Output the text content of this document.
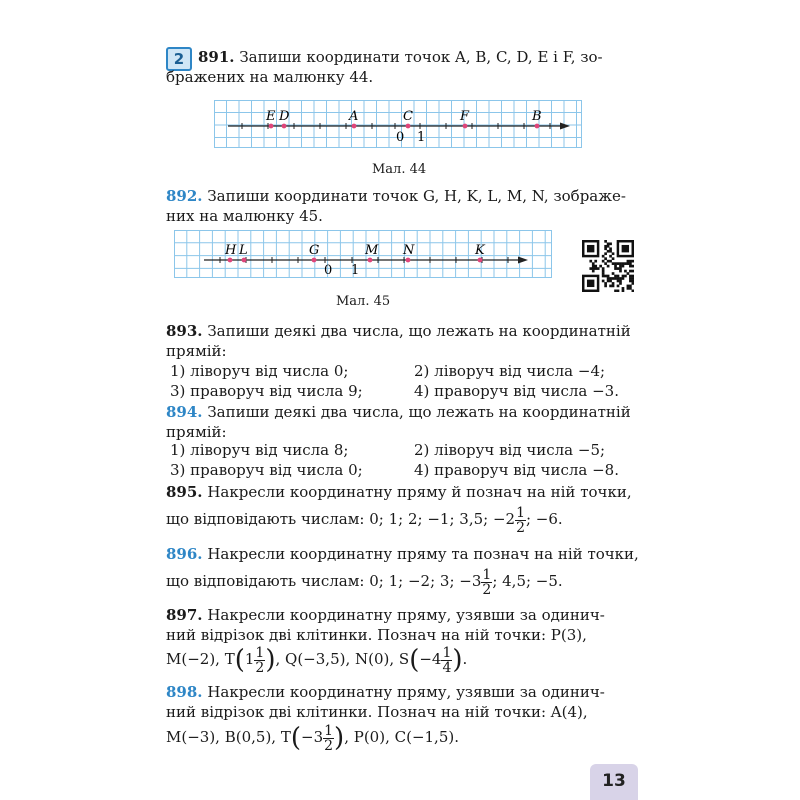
2 891. Запиши координати точок A, B, C, D, E і F, зо-
бражених на малюнку 44.
E D	A	C	F	B
0 1
Мал. 44
892. Запиши координати точок G, H, K, L, M, N, зображе-
них на малюнку 45.
H L	G	M N	K
0 1
Мал. 45
893. Запиши деякі два числа, що лежать на координатній
прямій:
1) ліворуч від числа 0;	2) ліворуч від числа −4;
3) праворуч від числа 9;	4) праворуч від числа −3.
894. Запиши деякі два числа, що лежать на координатній
прямій:
1) ліворуч від числа 8;	2) ліворуч від числа −5;
3) праворуч від числа 0;	4) праворуч від числа −8.
895. Накресли координатну пряму й познач на ній точки,
що відповідають числам: 0; 1; 2; −1; 3,5; $-2 \frac{1}{2}$ ; −6.
896. Накресли координатну пряму та познач на ній точки,
що відповідають числам: 0; 1; −2; 3; $-3 \frac{1}{2}$ ; 4,5; −5.
897. Накресли координатну пряму, узявши за одинич-
ний відрізок дві клітинки. Познач на ній точки: P(3),
M(−2), $T(1 \frac{1}{2}$ ), Q(−3,5), N(0), $S(-4 \frac{1}{4}$ ).
898. Накресли координатну пряму, узявши за одинич-
ний відрізок дві клітинки. Познач на ній точки: A(4),
M(−3), B(0,5), $T(-3 \frac{1}{2}$ ), P(0), C(−1,5).
13
